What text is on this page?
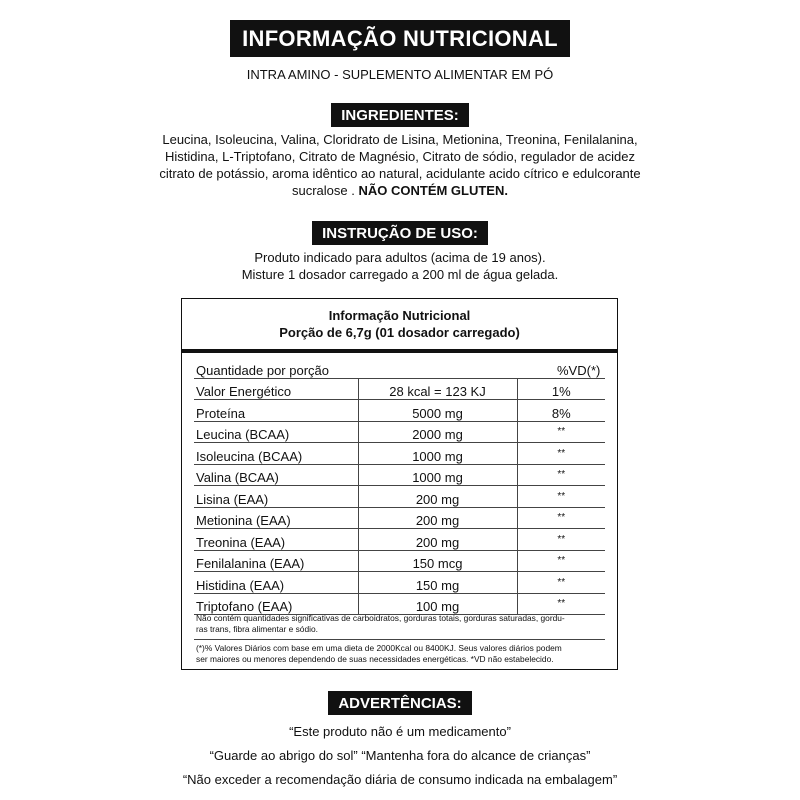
INFORMAÇÃO NUTRICIONAL
INTRA AMINO - SUPLEMENTO ALIMENTAR EM PÓ
INGREDIENTES:
Leucina, Isoleucina, Valina, Cloridrato de Lisina, Metionina, Treonina, Fenilalanina,
Histidina, L-Triptofano, Citrato de Magnésio, Citrato de sódio, regulador de acidez
citrato de potássio, aroma idêntico ao natural, acidulante acido cítrico e edulcorante
sucralose . NÃO CONTÉM GLUTEN.
INSTRUÇÃO DE USO:
Produto indicado para adultos (acima de 19 anos).
Misture 1 dosador carregado a 200 ml de água gelada.
Informação Nutricional
Porção de 6,7g (01 dosador carregado)
Quantidade por porção		%VD(*)
Valor Energético	28 kcal = 123 KJ	1%
Proteína	5000 mg	8%
Leucina (BCAA)	2000 mg	**
Isoleucina (BCAA)	1000 mg	**
Valina (BCAA)	1000 mg	**
Lisina (EAA)	200 mg	**
Metionina (EAA)	200 mg	**
Treonina (EAA)	200 mg	**
Fenilalanina (EAA)	150 mcg	**
Histidina (EAA)	150 mg	**
Triptofano (EAA)	100 mg	**
Não contém quantidades significativas de carboidratos, gorduras totais, gorduras saturadas, gordu-
ras trans, fibra alimentar e sódio.
(*)% Valores Diários com base em uma dieta de 2000Kcal ou 8400KJ. Seus valores diários podem
ser maiores ou menores dependendo de suas necessidades energéticas. *VD não estabelecido.
ADVERTÊNCIAS:
“Este produto não é um medicamento”
“Guarde ao abrigo do sol” “Mantenha fora do alcance de crianças”
“Não exceder a recomendação diária de consumo indicada na embalagem”
